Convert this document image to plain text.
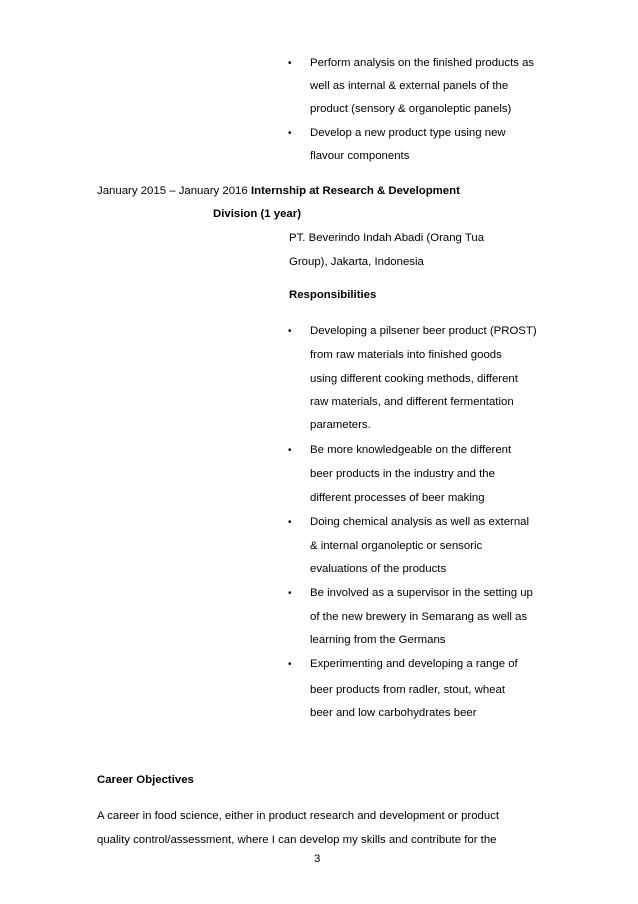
• Perform analysis on the finished products as
well as internal & external panels of the
product (sensory & organoleptic panels)
• Develop a new product type using new
flavour components
January 2015 – January 2016 Internship at Research & Development
Division (1 year)
PT. Beverindo Indah Abadi (Orang Tua
Group), Jakarta, Indonesia
Responsibilities
• Developing a pilsener beer product (PROST)
from raw materials into finished goods
using different cooking methods, different
raw materials, and different fermentation
parameters.
• Be more knowledgeable on the different
beer products in the industry and the
different processes of beer making
• Doing chemical analysis as well as external
& internal organoleptic or sensoric
evaluations of the products
• Be involved as a supervisor in the setting up
of the new brewery in Semarang as well as
learning from the Germans
• Experimenting and developing a range of
beer products from radler, stout, wheat
beer and low carbohydrates beer
Career Objectives
A career in food science, either in product research and development or product
quality control/assessment, where I can develop my skills and contribute for the
3
